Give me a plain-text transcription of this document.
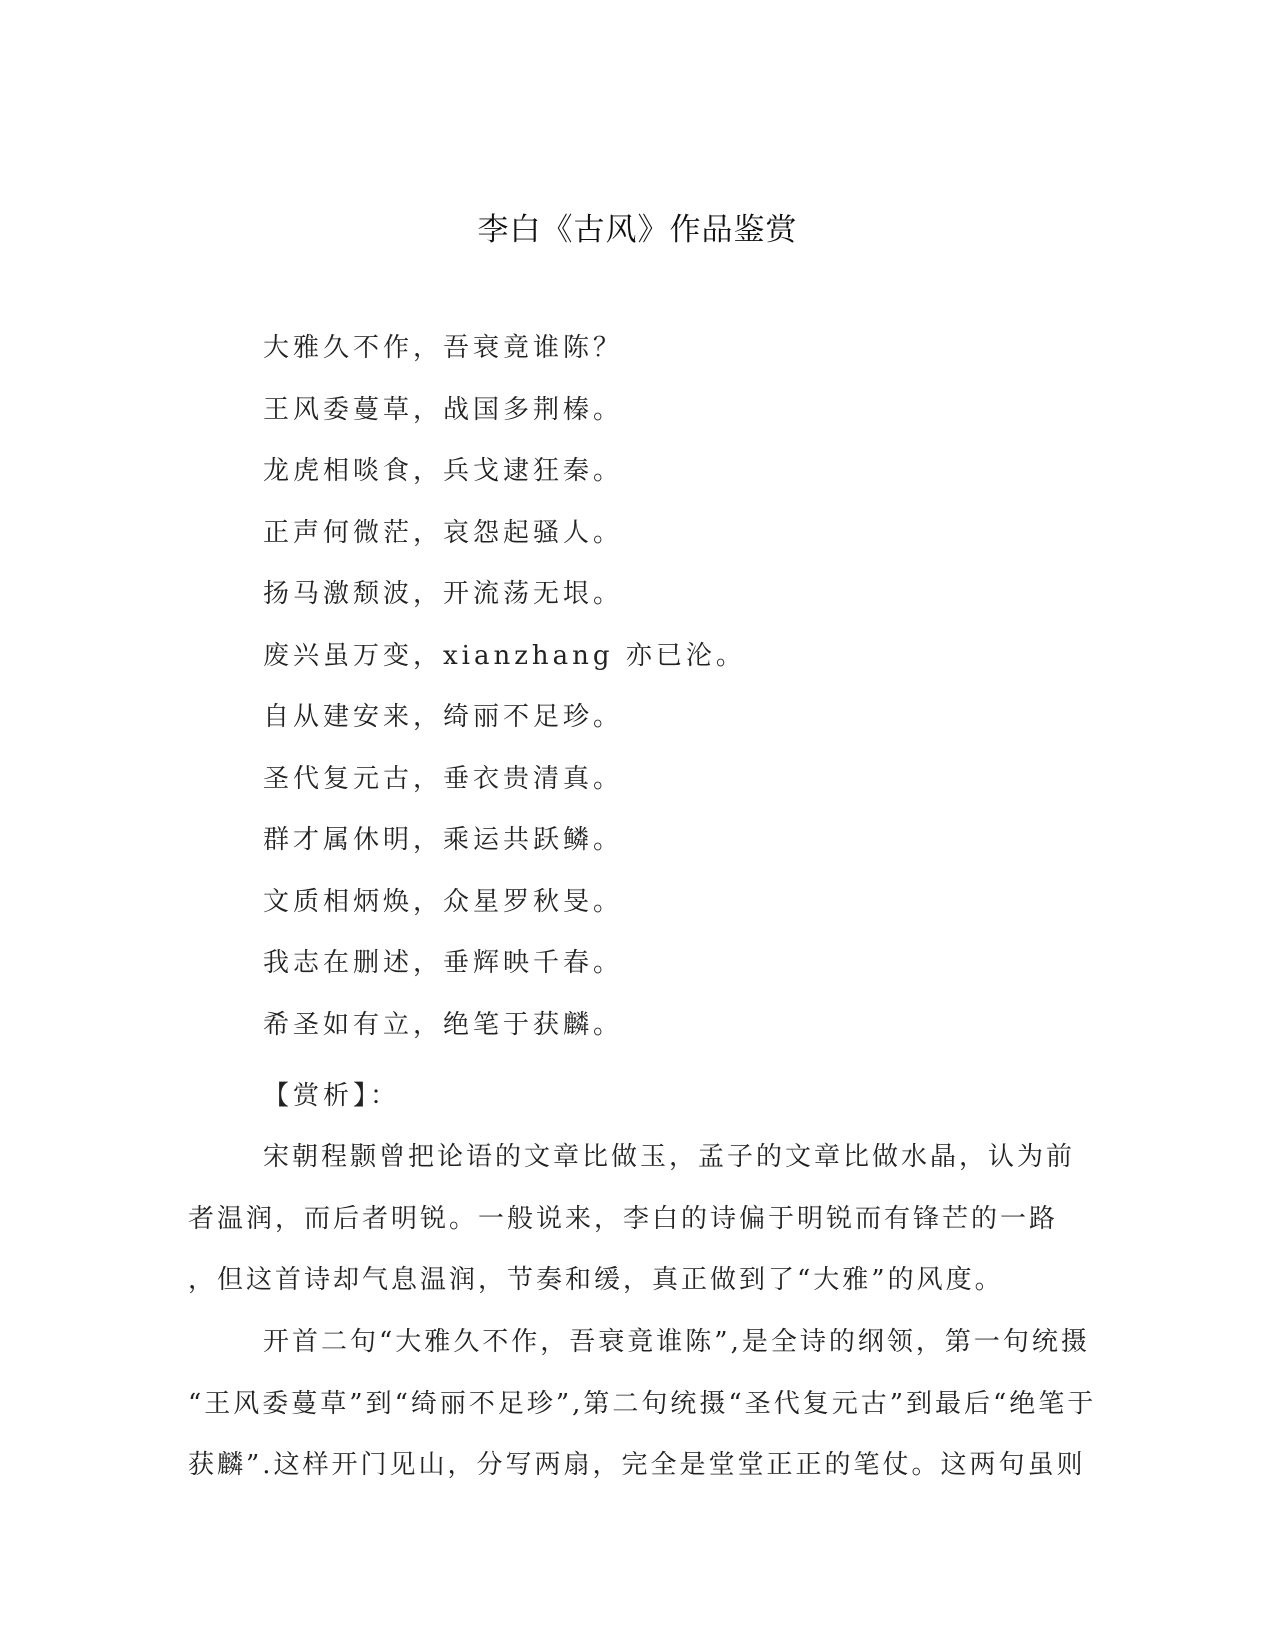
李白《古风》作品鉴赏
大雅久不作，吾衰竟谁陈？
王风委蔓草，战国多荆榛。
龙虎相啖食，兵戈逮狂秦。
正声何微茫，哀怨起骚人。
扬马激颓波，开流荡无垠。
废兴虽万变，xianzhang 亦已沦。
自从建安来，绮丽不足珍。
圣代复元古，垂衣贵清真。
群才属休明，乘运共跃鳞。
文质相炳焕，众星罗秋旻。
我志在删述，垂辉映千春。
希圣如有立，绝笔于获麟。
【赏析】：
宋朝程颢曾把论语的文章比做玉，孟子的文章比做水晶，认为前
者温润，而后者明锐。一般说来，李白的诗偏于明锐而有锋芒的一路
，但这首诗却气息温润，节奏和缓，真正做到了“大雅”的风度。
开首二句“大雅久不作，吾衰竟谁陈”,是全诗的纲领，第一句统摄
“王风委蔓草”到“绮丽不足珍”,第二句统摄“圣代复元古”到最后“绝笔于
获麟”.这样开门见山，分写两扇，完全是堂堂正正的笔仗。这两句虽则
